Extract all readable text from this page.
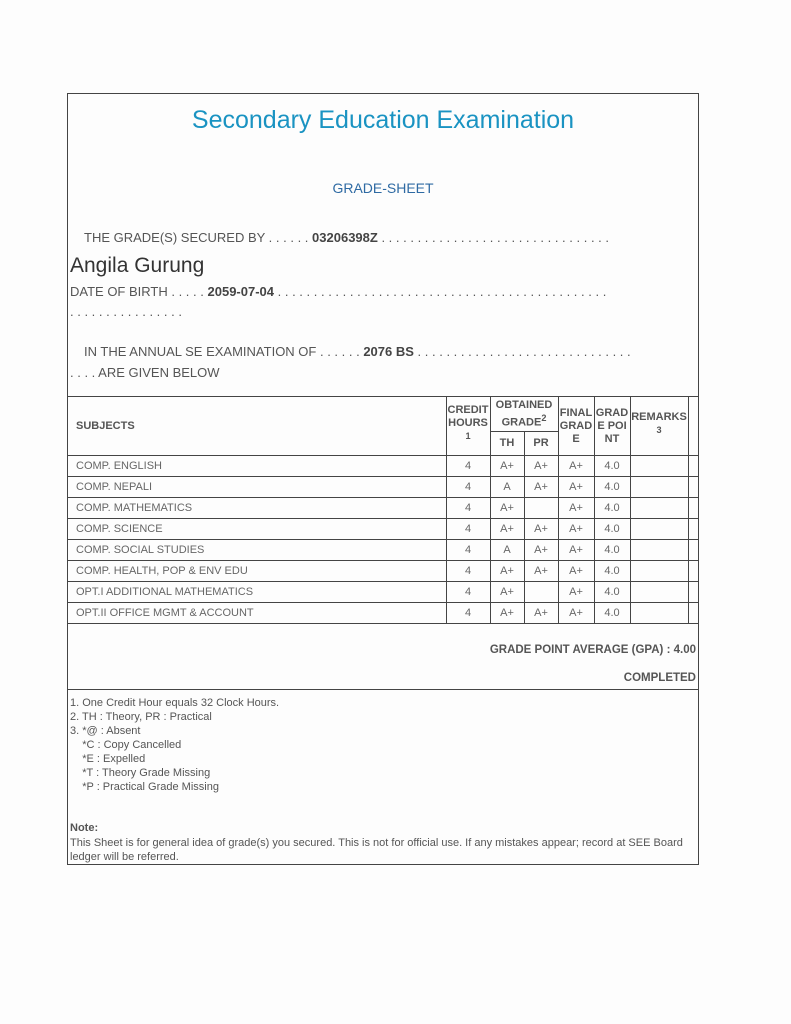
Secondary Education Examination
GRADE-SHEET
THE GRADE(S) SECURED BY . . . . . . 03206398Z . . . . . . . . . . . . . . . . . . . . . . . . . . . . . . . .
Angila Gurung
DATE OF BIRTH . . . . . 2059-07-04 . . . . . . . . . . . . . . . . . . . . . . . . . . . . . . . . . . . . . . . . . . . . . .
. . . . . . . . . . . . . . . .
IN THE ANNUAL SE EXAMINATION OF . . . . . . 2076 BS . . . . . . . . . . . . . . . . . . . . . . . . . . . . . .
. . . . ARE GIVEN BELOW
SUBJECTS	CREDIT HOURS$^1$	OBTAINED GRADE$^2$		FINAL GRADE	GRADE POINT	REMARKS$^3$	
		TH	PR				
COMP. ENGLISH	4	A+	A+	A+	4.0		
COMP. NEPALI	4	A	A+	A+	4.0		
COMP. MATHEMATICS	4	A+		A+	4.0		
COMP. SCIENCE	4	A+	A+	A+	4.0		
COMP. SOCIAL STUDIES	4	A	A+	A+	4.0		
COMP. HEALTH, POP & ENV EDU	4	A+	A+	A+	4.0		
OPT.I ADDITIONAL MATHEMATICS	4	A+		A+	4.0		
OPT.II OFFICE MGMT & ACCOUNT	4	A+	A+	A+	4.0		
GRADE POINT AVERAGE (GPA) : 4.00
COMPLETED
1. One Credit Hour equals 32 Clock Hours.
2. TH : Theory, PR : Practical
3. *@ : Absent
*C : Copy Cancelled
*E : Expelled
*T : Theory Grade Missing
*P : Practical Grade Missing
Note:
This Sheet is for general idea of grade(s) you secured. This is not for official use. If any mistakes appear; record at SEE Board ledger will be referred.
